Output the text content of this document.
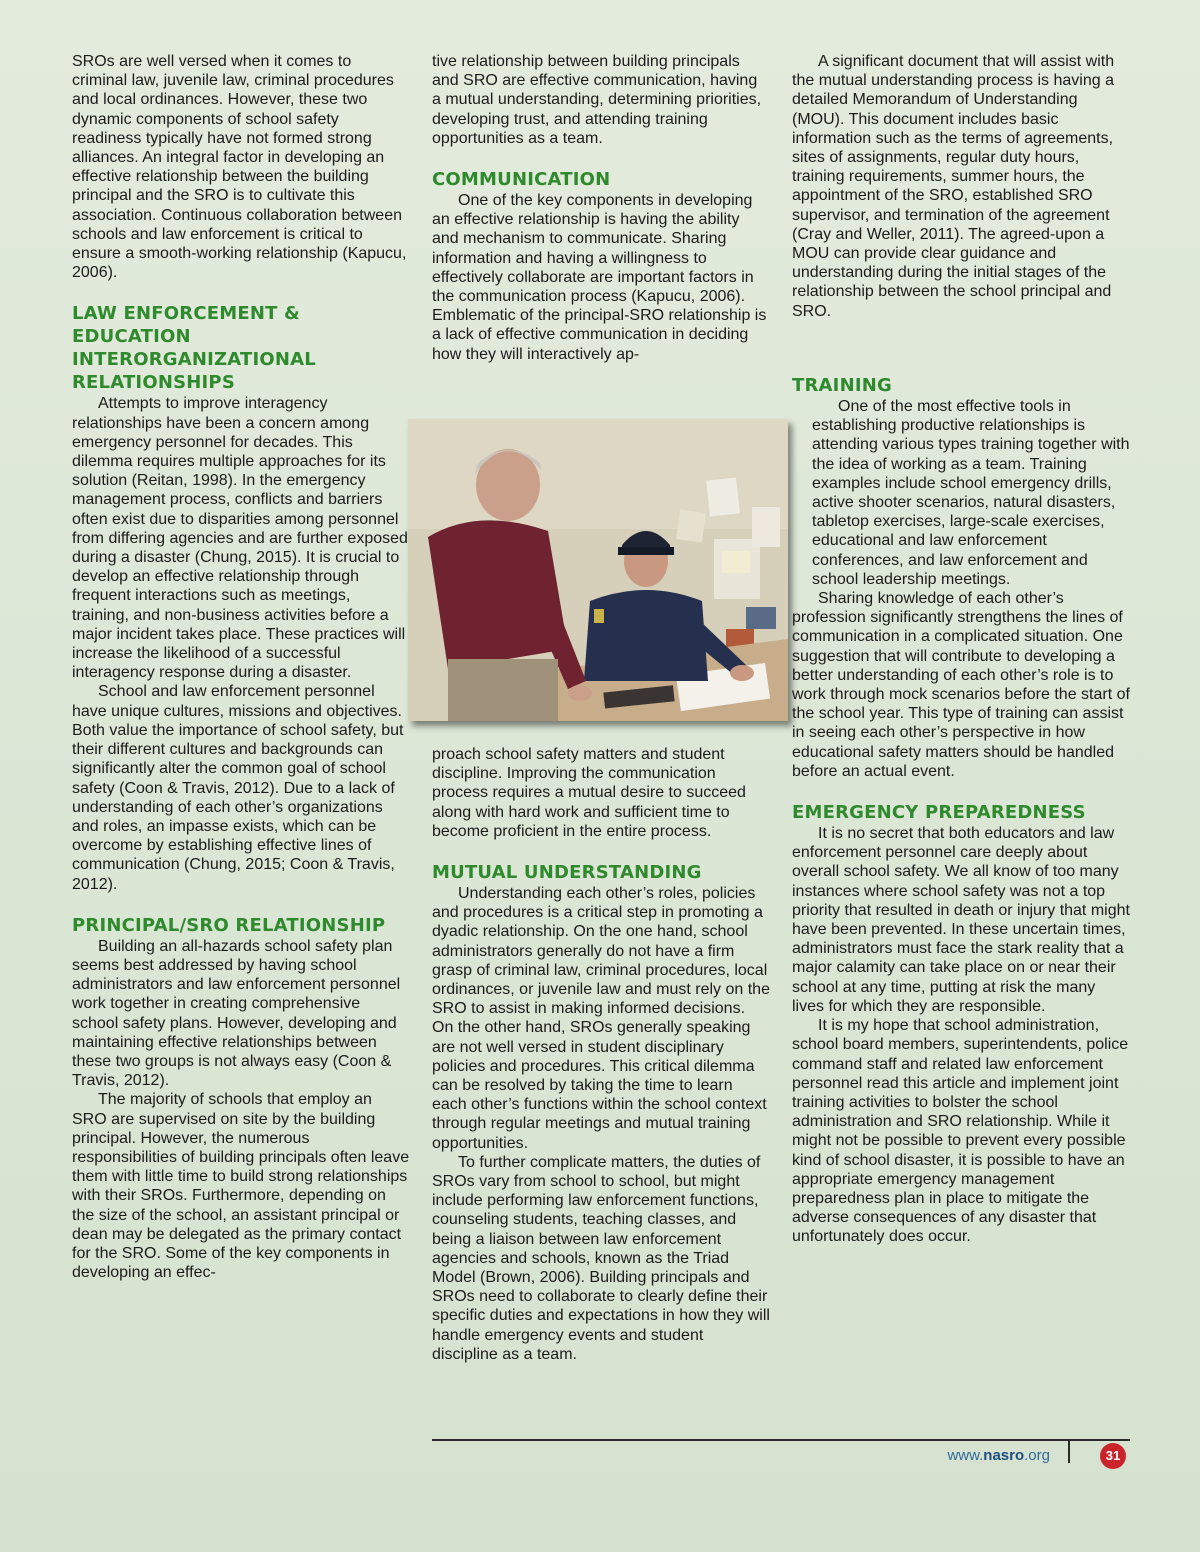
SROs are well versed when it comes to criminal law, juvenile law, criminal procedures and local ordinances. However, these two dynamic components of school safety readiness typically have not formed strong alliances. An integral factor in developing an effective relationship between the building principal and the SRO is to cultivate this association. Continuous collaboration between schools and law enforcement is critical to ensure a smooth-working relationship (Kapucu, 2006).

LAW ENFORCEMENT & EDUCATION INTERORGANIZATIONAL RELATIONSHIPS

Attempts to improve interagency relationships have been a concern among emergency personnel for decades. This dilemma requires multiple approaches for its solution (Reitan, 1998). In the emergency management process, conflicts and barriers often exist due to disparities among personnel from differing agencies and are further exposed during a disaster (Chung, 2015). It is crucial to develop an effective relationship through frequent interactions such as meetings, training, and non-business activities before a major incident takes place. These practices will increase the likelihood of a successful interagency response during a disaster.

School and law enforcement personnel have unique cultures, missions and objectives. Both value the importance of school safety, but their different cultures and backgrounds can significantly alter the common goal of school safety (Coon & Travis, 2012). Due to a lack of understanding of each other’s organizations and roles, an impasse exists, which can be overcome by establishing effective lines of communication (Chung, 2015; Coon & Travis, 2012).

PRINCIPAL/SRO RELATIONSHIP

Building an all-hazards school safety plan seems best addressed by having school administrators and law enforcement personnel work together in creating comprehensive school safety plans. However, developing and maintaining effective relationships between these two groups is not always easy (Coon & Travis, 2012).

The majority of schools that employ an SRO are supervised on site by the building principal. However, the numerous responsibilities of building principals often leave them with little time to build strong relationships with their SROs. Furthermore, depending on the size of the school, an assistant principal or dean may be delegated as the primary contact for the SRO. Some of the key components in developing an effec-

tive relationship between building principals and SRO are effective communication, having a mutual understanding, determining priorities, developing trust, and attending training opportunities as a team.

COMMUNICATION

One of the key components in developing an effective relationship is having the ability and mechanism to communicate. Sharing information and having a willingness to effectively collaborate are important factors in the communication process (Kapucu, 2006). Emblematic of the principal-SRO relationship is a lack of effective communication in deciding how they will interactively ap-

proach school safety matters and student discipline. Improving the communication process requires a mutual desire to succeed along with hard work and sufficient time to become proficient in the entire process.

MUTUAL UNDERSTANDING

Understanding each other’s roles, policies and procedures is a critical step in promoting a dyadic relationship. On the one hand, school administrators generally do not have a firm grasp of criminal law, criminal procedures, local ordinances, or juvenile law and must rely on the SRO to assist in making informed decisions. On the other hand, SROs generally speaking are not well versed in student disciplinary policies and procedures. This critical dilemma can be resolved by taking the time to learn each other’s functions within the school context through regular meetings and mutual training opportunities.

To further complicate matters, the duties of SROs vary from school to school, but might include performing law enforcement functions, counseling students, teaching classes, and being a liaison between law enforcement agencies and schools, known as the Triad Model (Brown, 2006). Building principals and SROs need to collaborate to clearly define their specific duties and expectations in how they will handle emergency events and student discipline as a team.

A significant document that will assist with the mutual understanding process is having a detailed Memorandum of Understanding (MOU). This document includes basic information such as the terms of agreements, sites of assignments, regular duty hours, training requirements, summer hours, the appointment of the SRO, established SRO supervisor, and termination of the agreement (Cray and Weller, 2011). The agreed-upon a MOU can provide clear guidance and understanding during the initial stages of the relationship between the school principal and SRO.

TRAINING

One of the most effective tools in establishing productive relationships is attending various types training together with the idea of working as a team. Training examples include school emergency drills, active shooter scenarios, natural disasters, tabletop exercises, large-scale exercises, educational and law enforcement conferences, and law enforcement and school leadership meetings.

Sharing knowledge of each other’s profession significantly strengthens the lines of communication in a complicated situation. One suggestion that will contribute to developing a better understanding of each other’s role is to work through mock scenarios before the start of the school year. This type of training can assist in seeing each other’s perspective in how educational safety matters should be handled before an actual event.

EMERGENCY PREPAREDNESS

It is no secret that both educators and law enforcement personnel care deeply about overall school safety. We all know of too many instances where school safety was not a top priority that resulted in death or injury that might have been prevented. In these uncertain times, administrators must face the stark reality that a major calamity can take place on or near their school at any time, putting at risk the many lives for which they are responsible.

It is my hope that school administration, school board members, superintendents, police command staff and related law enforcement personnel read this article and implement joint training activities to bolster the school administration and SRO relationship. While it might not be possible to prevent every possible kind of school disaster, it is possible to have an appropriate emergency management preparedness plan in place to mitigate the adverse consequences of any disaster that unfortunately does occur.

www.nasro.org	31
